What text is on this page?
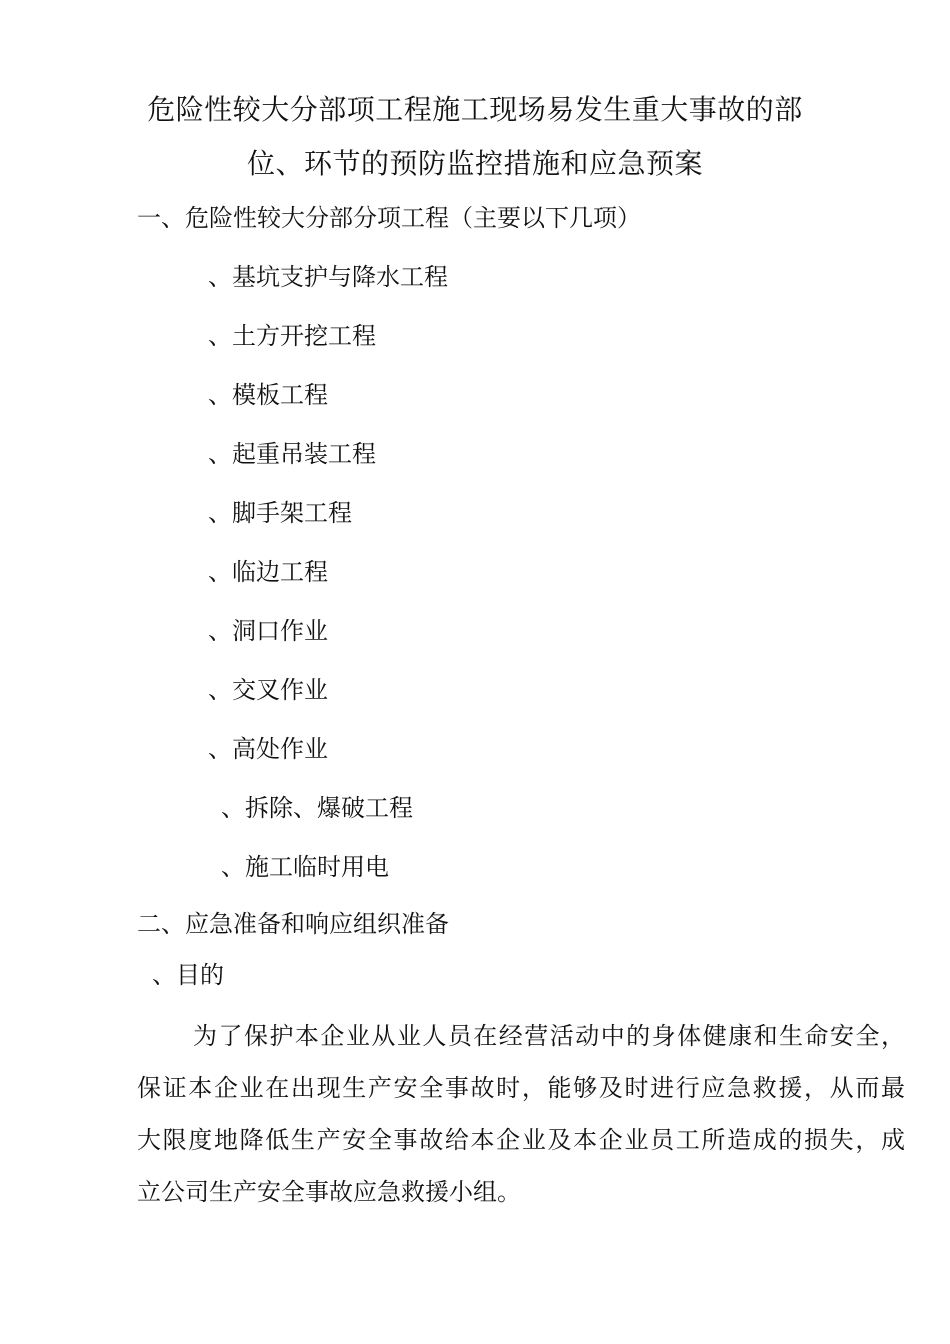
危险性较大分部项工程施工现场易发生重大事故的部
位、环节的预防监控措施和应急预案
一、危险性较大分部分项工程（主要以下几项）
、基坑支护与降水工程
、土方开挖工程
、模板工程
、起重吊装工程
、脚手架工程
、临边工程
、洞口作业
、交叉作业
、高处作业
、拆除、爆破工程
、施工临时用电
二、应急准备和响应组织准备
、目的
为了保护本企业从业人员在经营活动中的身体健康和生命安全，
保证本企业在出现生产安全事故时，能够及时进行应急救援，从而最
大限度地降低生产安全事故给本企业及本企业员工所造成的损失，成
立公司生产安全事故应急救援小组。
